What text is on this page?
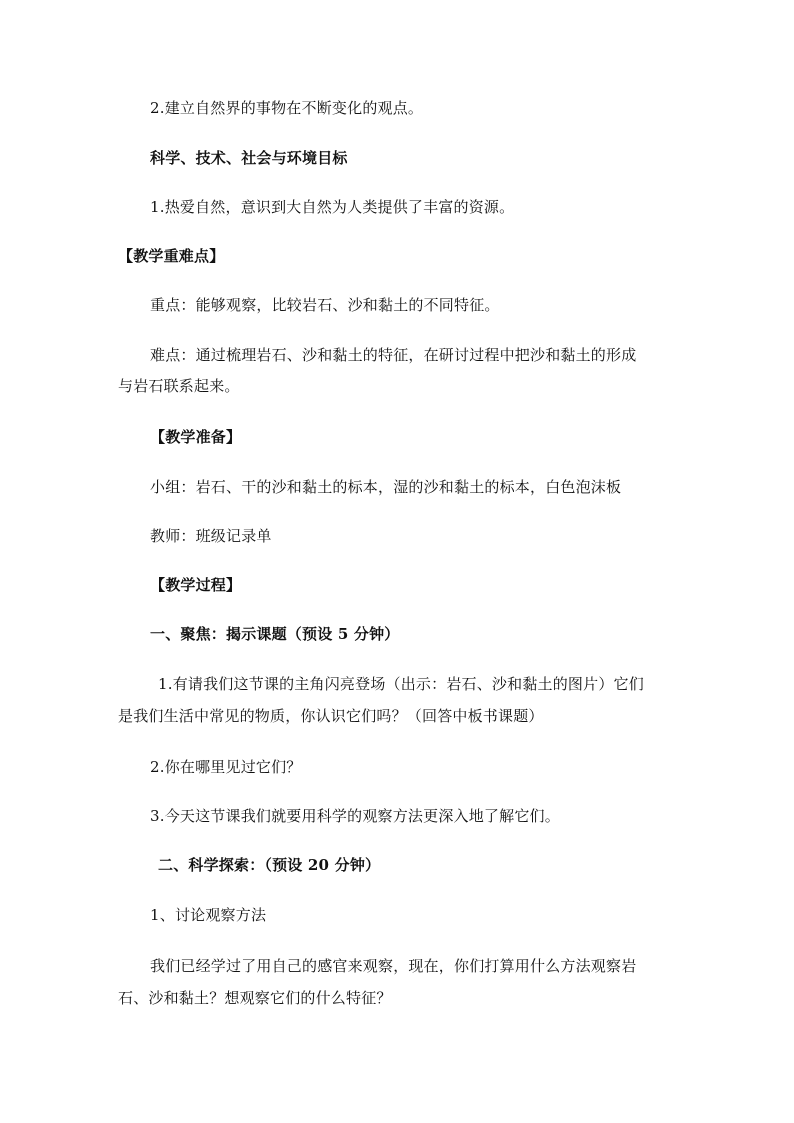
2.建立自然界的事物在不断变化的观点。
科学、技术、社会与环境目标
1.热爱自然，意识到大自然为人类提供了丰富的资源。
【教学重难点】
重点：能够观察，比较岩石、沙和黏土的不同特征。
难点：通过梳理岩石、沙和黏土的特征，在研讨过程中把沙和黏土的形成
与岩石联系起来。
【教学准备】
小组：岩石、干的沙和黏土的标本，湿的沙和黏土的标本，白色泡沫板
教师：班级记录单
【教学过程】
一、聚焦：揭示课题（预设 5 分钟）
1.有请我们这节课的主角闪亮登场（出示：岩石、沙和黏土的图片）它们
是我们生活中常见的物质，你认识它们吗？（回答中板书课题）
2.你在哪里见过它们？
3.今天这节课我们就要用科学的观察方法更深入地了解它们。
二、科学探索：（预设 20 分钟）
1、讨论观察方法
我们已经学过了用自己的感官来观察，现在，你们打算用什么方法观察岩
石、沙和黏土？想观察它们的什么特征？
